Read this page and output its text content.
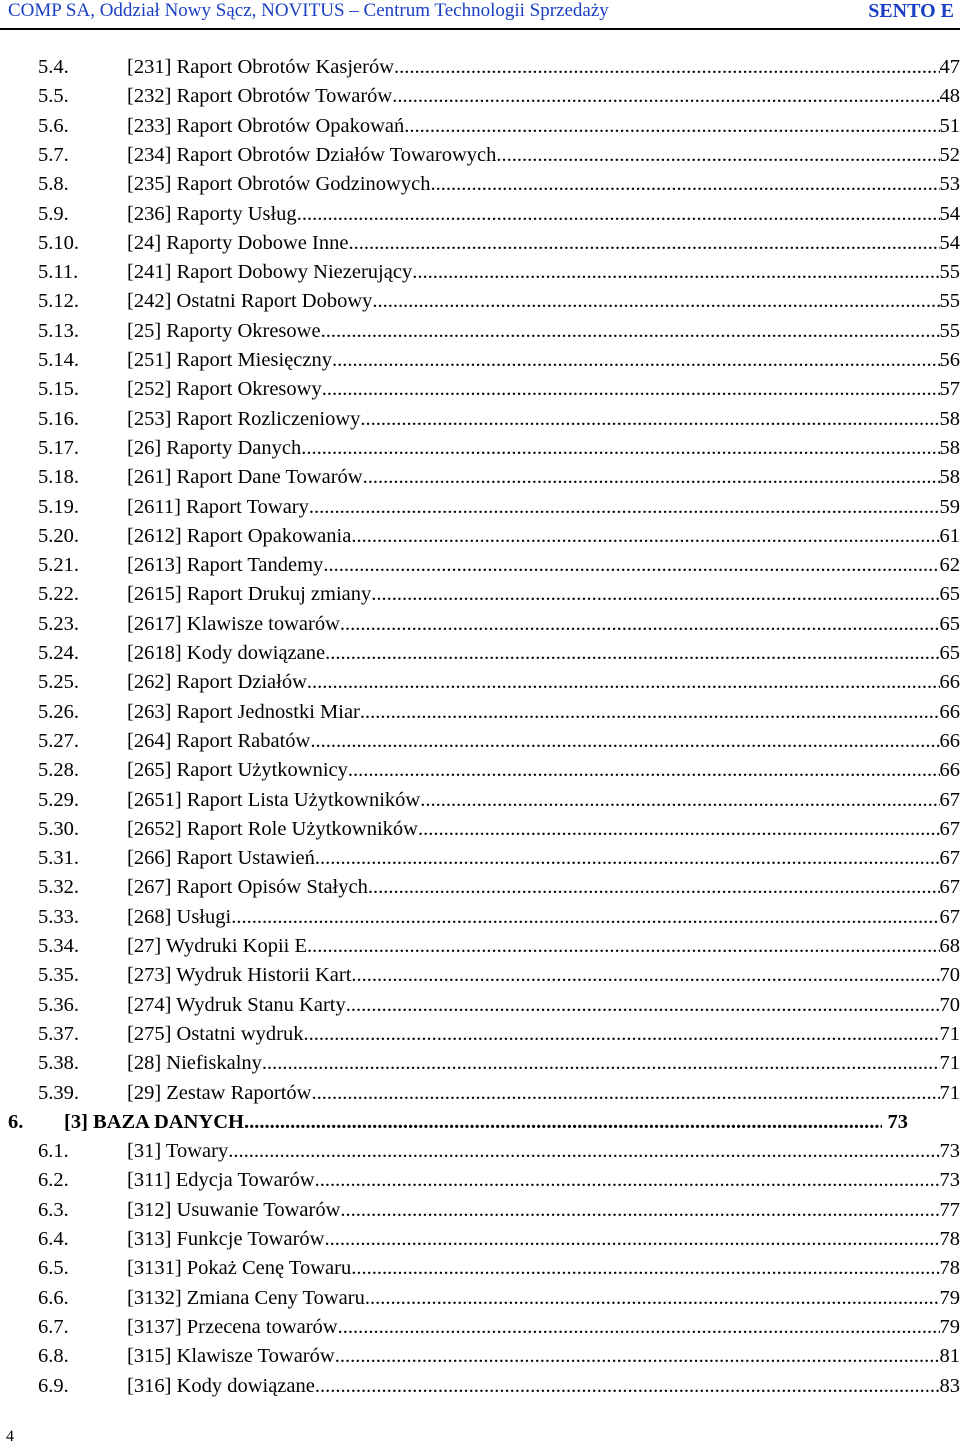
COMP SA, Oddział Nowy Sącz, NOVITUS – Centrum Technologii Sprzedaży	SENTO E
5.4.	[231] Raport Obrotów Kasjerów .....	47
5.5.	[232] Raport Obrotów Towarów .....	48
5.6.	[233] Raport Obrotów Opakowań .....	51
5.7.	[234] Raport Obrotów Działów Towarowych .....	52
5.8.	[235] Raport Obrotów Godzinowych .....	53
5.9.	[236] Raporty Usług .....	54
5.10. [24] Raporty Dobowe Inne .....	54
5.11. [241] Raport Dobowy Niezerujący .....	55
5.12. [242] Ostatni Raport Dobowy .....	55
5.13. [25] Raporty Okresowe .....	55
5.14. [251] Raport Miesięczny .....	56
5.15. [252] Raport Okresowy .....	57
5.16. [253] Raport Rozliczeniowy .....	58
5.17. [26] Raporty Danych .....	58
5.18. [261] Raport Dane Towarów .....	58
5.19. [2611] Raport Towary .....	59
5.20. [2612] Raport Opakowania .....	61
5.21. [2613] Raport Tandemy .....	62
5.22. [2615] Raport Drukuj zmiany .....	65
5.23. [2617] Klawisze towarów .....	65
5.24. [2618] Kody dowiązane .....	65
5.25. [262] Raport Działów .....	66
5.26. [263] Raport Jednostki Miar .....	66
5.27. [264] Raport Rabatów .....	66
5.28. [265] Raport Użytkownicy .....	66
5.29. [2651] Raport Lista Użytkowników .....	67
5.30. [2652] Raport Role Użytkowników .....	67
5.31. [266] Raport Ustawień .....	67
5.32. [267] Raport Opisów Stałych .....	67
5.33. [268] Usługi .....	67
5.34. [27] Wydruki Kopii E .....	68
5.35. [273] Wydruk Historii Kart .....	70
5.36. [274] Wydruk Stanu Karty .....	70
5.37. [275] Ostatni wydruk .....	71
5.38. [28] Niefiskalny .....	71
5.39. [29] Zestaw Raportów .....	71
6. [3] BAZA DANYCH .....	73
6.1.	[31] Towary .....	73
6.2.	[311] Edycja Towarów .....	73
6.3.	[312] Usuwanie Towarów .....	77
6.4.	[313] Funkcje Towarów .....	78
6.5.	[3131] Pokaż Cenę Towaru .....	78
6.6.	[3132] Zmiana Ceny Towaru .....	79
6.7.	[3137] Przecena towarów .....	79
6.8.	[315] Klawisze Towarów .....	81
6.9.	[316] Kody dowiązane .....	83
4
